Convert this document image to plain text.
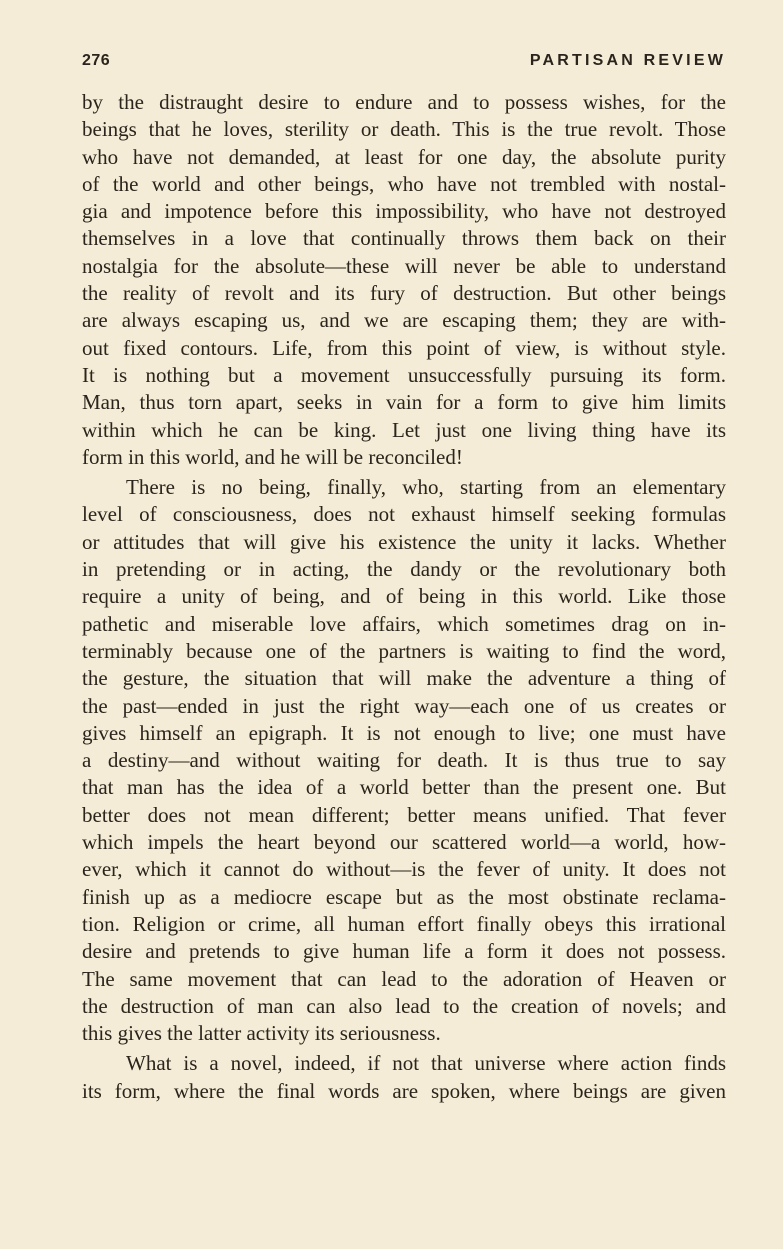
276	PARTISAN REVIEW
by the distraught desire to endure and to possess wishes, for the
beings that he loves, sterility or death. This is the true revolt. Those
who have not demanded, at least for one day, the absolute purity
of the world and other beings, who have not trembled with nostal-
gia and impotence before this impossibility, who have not destroyed
themselves in a love that continually throws them back on their
nostalgia for the absolute—these will never be able to understand
the reality of revolt and its fury of destruction. But other beings
are always escaping us, and we are escaping them; they are with-
out fixed contours. Life, from this point of view, is without style.
It is nothing but a movement unsuccessfully pursuing its form.
Man, thus torn apart, seeks in vain for a form to give him limits
within which he can be king. Let just one living thing have its
form in this world, and he will be reconciled!
There is no being, finally, who, starting from an elementary
level of consciousness, does not exhaust himself seeking formulas
or attitudes that will give his existence the unity it lacks. Whether
in pretending or in acting, the dandy or the revolutionary both
require a unity of being, and of being in this world. Like those
pathetic and miserable love affairs, which sometimes drag on in-
terminably because one of the partners is waiting to find the word,
the gesture, the situation that will make the adventure a thing of
the past—ended in just the right way—each one of us creates or
gives himself an epigraph. It is not enough to live; one must have
a destiny—and without waiting for death. It is thus true to say
that man has the idea of a world better than the present one. But
better does not mean different; better means unified. That fever
which impels the heart beyond our scattered world—a world, how-
ever, which it cannot do without—is the fever of unity. It does not
finish up as a mediocre escape but as the most obstinate reclama-
tion. Religion or crime, all human effort finally obeys this irrational
desire and pretends to give human life a form it does not possess.
The same movement that can lead to the adoration of Heaven or
the destruction of man can also lead to the creation of novels; and
this gives the latter activity its seriousness.
What is a novel, indeed, if not that universe where action finds
its form, where the final words are spoken, where beings are given
